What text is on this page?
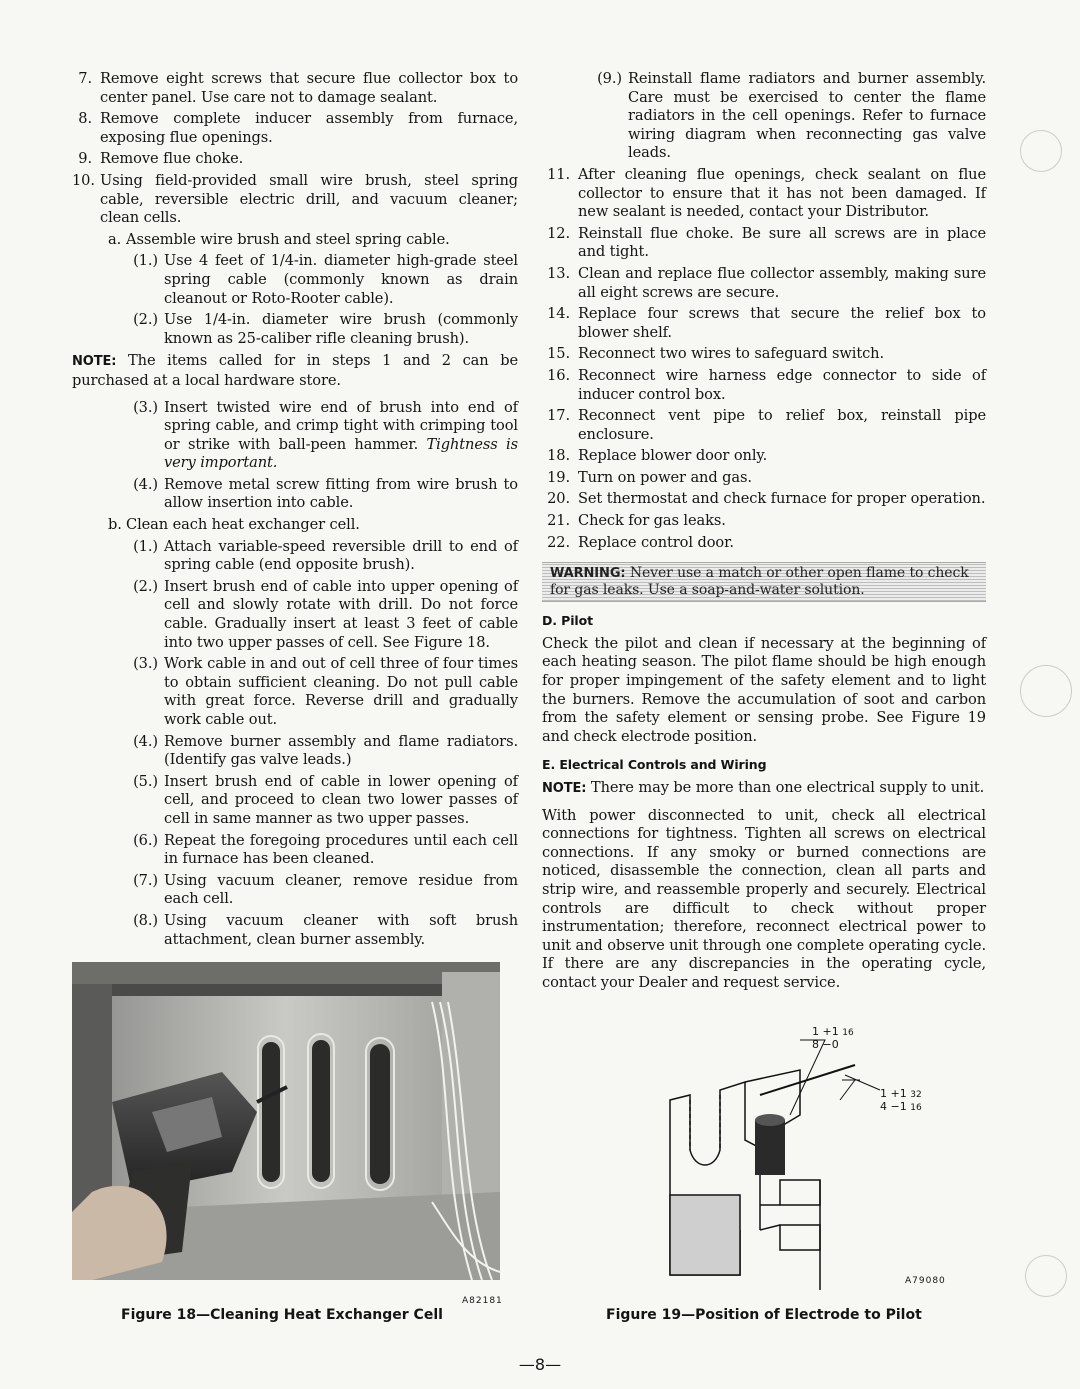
7. Remove eight screws that secure flue collector box to center panel. Use care not to damage sealant.
8. Remove complete inducer assembly from furnace, exposing flue openings.
9. Remove flue choke.
10. Using field-provided small wire brush, steel spring cable, reversible electric drill, and vacuum cleaner; clean cells.
a. Assemble wire brush and steel spring cable.
(1.) Use 4 feet of 1/4-in. diameter high-grade steel spring cable (commonly known as drain cleanout or Roto-Rooter cable).
(2.) Use 1/4-in. diameter wire brush (commonly known as 25-caliber rifle cleaning brush).
NOTE: The items called for in steps 1 and 2 can be purchased at a local hardware store.
(3.) Insert twisted wire end of brush into end of spring cable, and crimp tight with crimping tool or strike with ball-peen hammer. Tightness is very important.
(4.) Remove metal screw fitting from wire brush to allow insertion into cable.
b. Clean each heat exchanger cell.
(1.) Attach variable-speed reversible drill to end of spring cable (end opposite brush).
(2.) Insert brush end of cable into upper opening of cell and slowly rotate with drill. Do not force cable. Gradually insert at least 3 feet of cable into two upper passes of cell. See Figure 18.
(3.) Work cable in and out of cell three of four times to obtain sufficient cleaning. Do not pull cable with great force. Reverse drill and gradually work cable out.
(4.) Remove burner assembly and flame radiators. (Identify gas valve leads.)
(5.) Insert brush end of cable in lower opening of cell, and proceed to clean two lower passes of cell in same manner as two upper passes.
(6.) Repeat the foregoing procedures until each cell in furnace has been cleaned.
(7.) Using vacuum cleaner, remove residue from each cell.
(8.) Using vacuum cleaner with soft brush attachment, clean burner assembly.
(9.) Reinstall flame radiators and burner assembly. Care must be exercised to center the flame radiators in the cell openings. Refer to furnace wiring diagram when reconnecting gas valve leads.
11. After cleaning flue openings, check sealant on flue collector to ensure that it has not been damaged. If new sealant is needed, contact your Distributor.
12. Reinstall flue choke. Be sure all screws are in place and tight.
13. Clean and replace flue collector assembly, making sure all eight screws are secure.
14. Replace four screws that secure the relief box to blower shelf.
15. Reconnect two wires to safeguard switch.
16. Reconnect wire harness edge connector to side of inducer control box.
17. Reconnect vent pipe to relief box, reinstall pipe enclosure.
18. Replace blower door only.
19. Turn on power and gas.
20. Set thermostat and check furnace for proper operation.
21. Check for gas leaks.
22. Replace control door.
WARNING: Never use a match or other open flame to check for gas leaks. Use a soap-and-water solution.
D. Pilot
Check the pilot and clean if necessary at the beginning of each heating season. The pilot flame should be high enough for proper impingement of the safety element and to light the burners. Remove the accumulation of soot and carbon from the safety element or sensing probe. See Figure 19 and check electrode position.
E. Electrical Controls and Wiring
NOTE: There may be more than one electrical supply to unit.
With power disconnected to unit, check all electrical connections for tightness. Tighten all screws on electrical connections. If any smoky or burned connections are noticed, disassemble the connection, clean all parts and strip wire, and reassemble properly and securely. Electrical controls are difficult to check without proper instrumentation; therefore, reconnect electrical power to unit and observe unit through one complete operating cycle. If there are any discrepancies in the operating cycle, contact your Dealer and request service.
A82181
Figure 18—Cleaning Heat Exchanger Cell
1 +1 16
8 −0
1 +1 32
4 −1 16
A79080
Figure 19—Position of Electrode to Pilot
—8—
